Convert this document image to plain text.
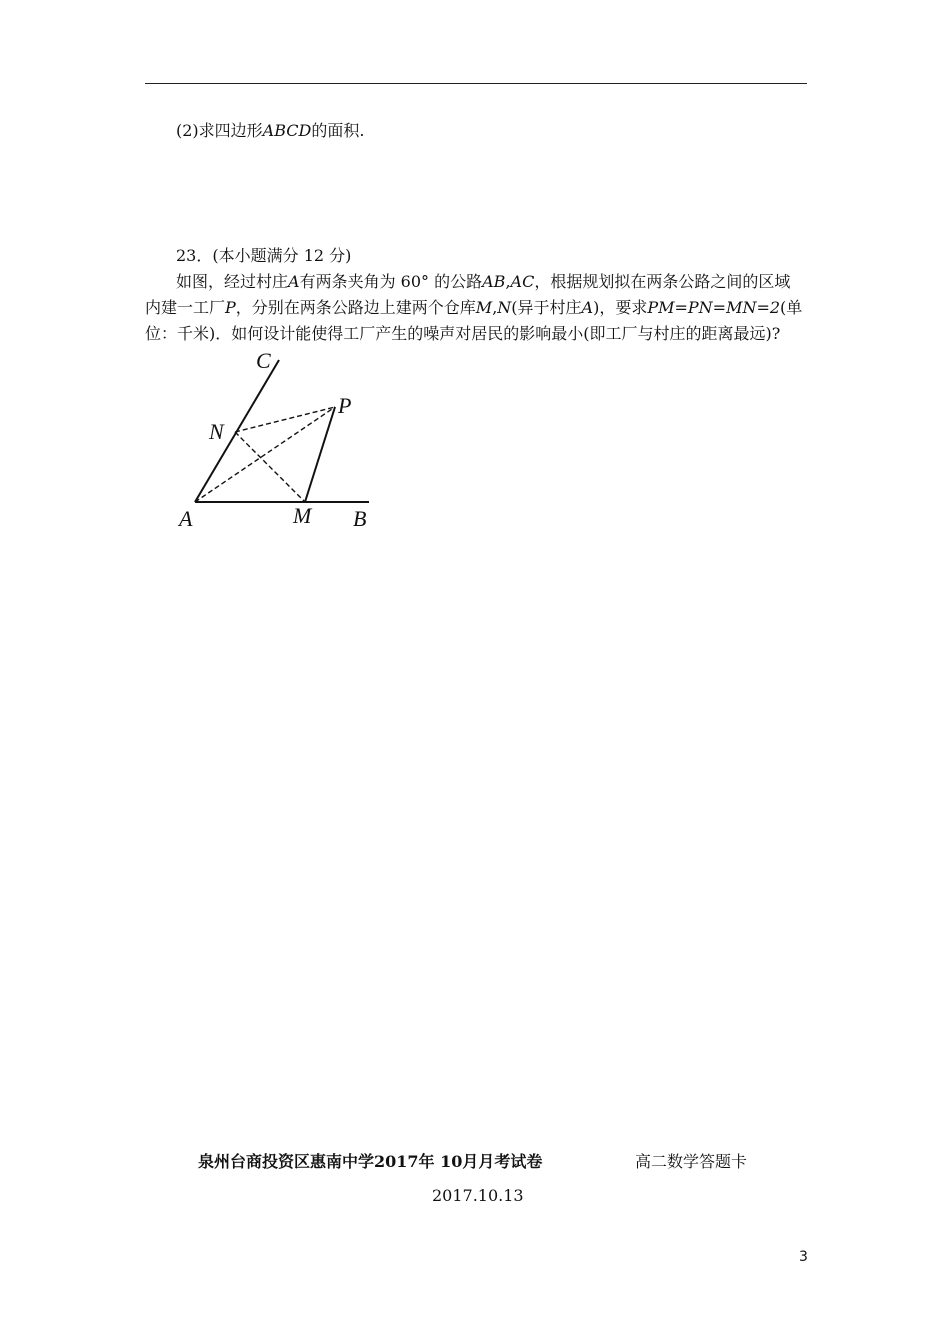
(2)求四边形ABCD的面积.
23．(本小题满分 12 分)
如图，经过村庄A有两条夹角为 60° 的公路AB,AC，根据规划拟在两条公路之间的区域
内建一工厂P，分别在两条公路边上建两个仓库M,N(异于村庄A)，要求PM=PN=MN=2(单
位：千米)．如何设计能使得工厂产生的噪声对居民的影响最小(即工厂与村庄的距离最远)?
C
P
N
A	M B
泉州台商投资区惠南中学2017年 10月月考试卷	高二数学答题卡
2017.10.13
3
